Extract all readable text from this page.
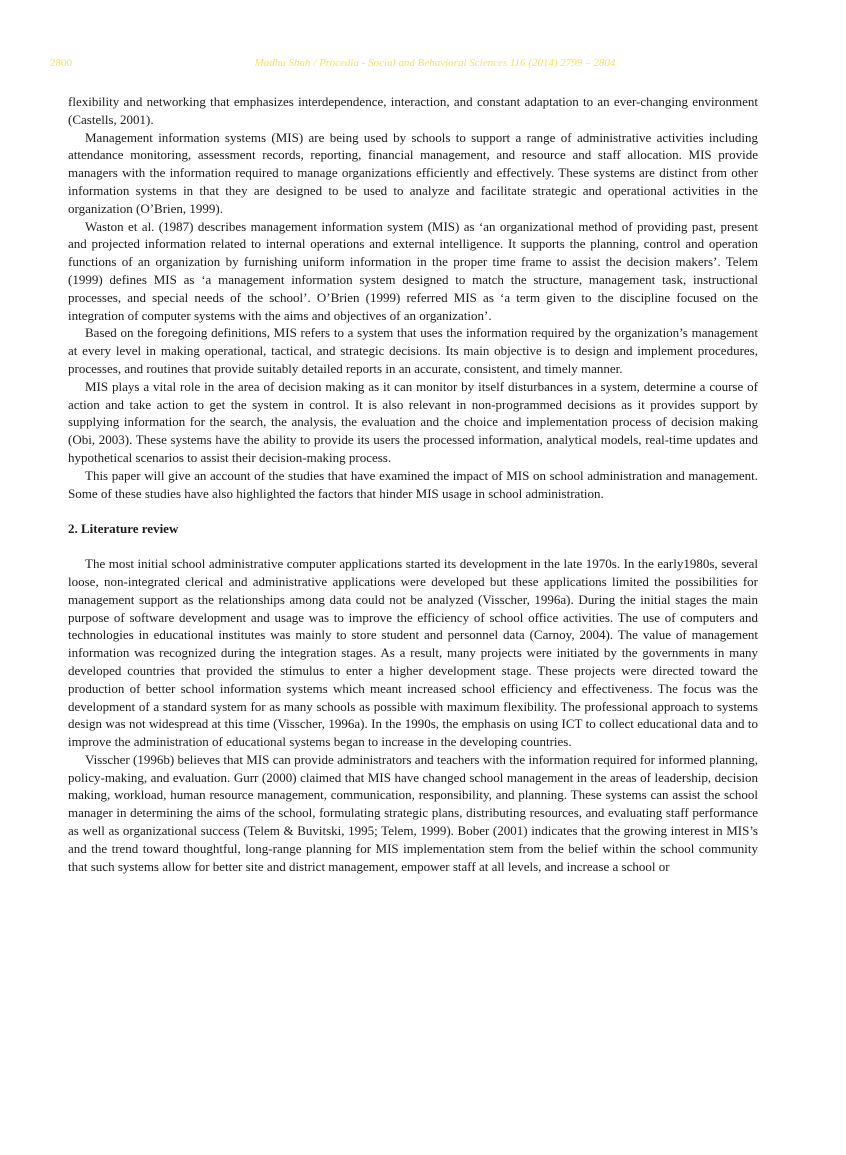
2800	Madhu Shah / Procedia - Social and Behavioral Sciences 116 (2014) 2799 – 2804

flexibility and networking that emphasizes interdependence, interaction, and constant adaptation to an ever-changing environment (Castells, 2001).

Management information systems (MIS) are being used by schools to support a range of administrative activities including attendance monitoring, assessment records, reporting, financial management, and resource and staff allocation. MIS provide managers with the information required to manage organizations efficiently and effectively. These systems are distinct from other information systems in that they are designed to be used to analyze and facilitate strategic and operational activities in the organization (O’Brien, 1999).

Waston et al. (1987) describes management information system (MIS) as ‘an organizational method of providing past, present and projected information related to internal operations and external intelligence. It supports the planning, control and operation functions of an organization by furnishing uniform information in the proper time frame to assist the decision makers’. Telem (1999) defines MIS as ‘a management information system designed to match the structure, management task, instructional processes, and special needs of the school’. O’Brien (1999) referred MIS as ‘a term given to the discipline focused on the integration of computer systems with the aims and objectives of an organization’.

Based on the foregoing definitions, MIS refers to a system that uses the information required by the organization’s management at every level in making operational, tactical, and strategic decisions. Its main objective is to design and implement procedures, processes, and routines that provide suitably detailed reports in an accurate, consistent, and timely manner.

MIS plays a vital role in the area of decision making as it can monitor by itself disturbances in a system, determine a course of action and take action to get the system in control. It is also relevant in non-programmed decisions as it provides support by supplying information for the search, the analysis, the evaluation and the choice and implementation process of decision making (Obi, 2003). These systems have the ability to provide its users the processed information, analytical models, real-time updates and hypothetical scenarios to assist their decision-making process.

This paper will give an account of the studies that have examined the impact of MIS on school administration and management. Some of these studies have also highlighted the factors that hinder MIS usage in school administration.

2. Literature review

The most initial school administrative computer applications started its development in the late 1970s. In the early1980s, several loose, non-integrated clerical and administrative applications were developed but these applications limited the possibilities for management support as the relationships among data could not be analyzed (Visscher, 1996a). During the initial stages the main purpose of software development and usage was to improve the efficiency of school office activities. The use of computers and technologies in educational institutes was mainly to store student and personnel data (Carnoy, 2004). The value of management information was recognized during the integration stages. As a result, many projects were initiated by the governments in many developed countries that provided the stimulus to enter a higher development stage. These projects were directed toward the production of better school information systems which meant increased school efficiency and effectiveness. The focus was the development of a standard system for as many schools as possible with maximum flexibility. The professional approach to systems design was not widespread at this time (Visscher, 1996a). In the 1990s, the emphasis on using ICT to collect educational data and to improve the administration of educational systems began to increase in the developing countries.

Visscher (1996b) believes that MIS can provide administrators and teachers with the information required for informed planning, policy-making, and evaluation. Gurr (2000) claimed that MIS have changed school management in the areas of leadership, decision making, workload, human resource management, communication, responsibility, and planning. These systems can assist the school manager in determining the aims of the school, formulating strategic plans, distributing resources, and evaluating staff performance as well as organizational success (Telem & Buvitski, 1995; Telem, 1999). Bober (2001) indicates that the growing interest in MIS’s and the trend toward thoughtful, long-range planning for MIS implementation stem from the belief within the school community that such systems allow for better site and district management, empower staff at all levels, and increase a school or
